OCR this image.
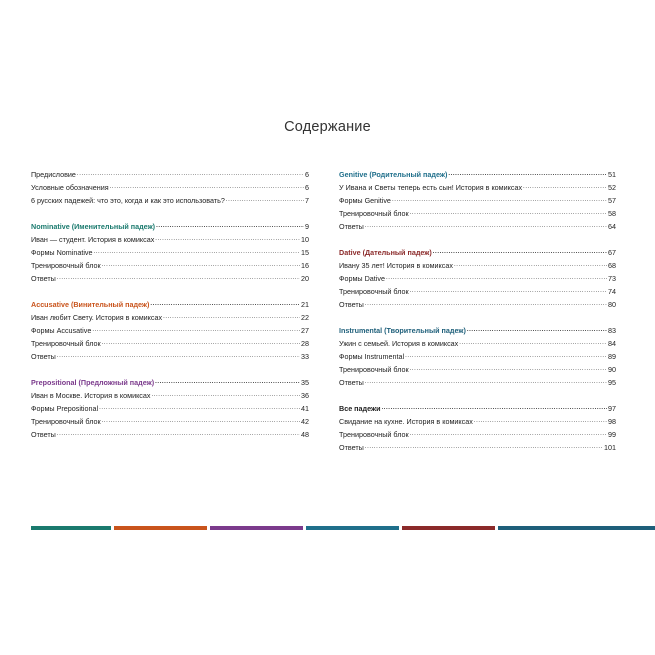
Содержание
Предисловие .....	6
Условные обозначения .....	6
6 русских падежей: что это, когда и как это использовать? .....	7
Nominative (Именительный падеж) .....	9
Иван — студент. История в комиксах .....	10
Формы Nominative .....	15
Тренировочный блок .....	16
Ответы .....	20
Accusative (Винительный падеж) .....	21
Иван любит Свету. История в комиксах .....	22
Формы Accusative .....	27
Тренировочный блок .....	28
Ответы .....	33
Prepositional (Предложный падеж) .....	35
Иван в Москве. История в комиксах .....	36
Формы Prepositional .....	41
Тренировочный блок .....	42
Ответы .....	48
Genitive (Родительный падеж) .....	51
У Ивана и Светы теперь есть сын! История в комиксах .....	52
Формы Genitive .....	57
Тренировочный блок .....	58
Ответы .....	64
Dative (Дательный падеж) .....	67
Ивану 35 лет! История в комиксах .....	68
Формы Dative .....	73
Тренировочный блок .....	74
Ответы .....	80
Instrumental (Творительный падеж) .....	83
Ужин с семьей. История в комиксах .....	84
Формы Instrumental .....	89
Тренировочный блок .....	90
Ответы .....	95
Все падежи .....	97
Свидание на кухне. История в комиксах .....	98
Тренировочный блок .....	99
Ответы .....	101
